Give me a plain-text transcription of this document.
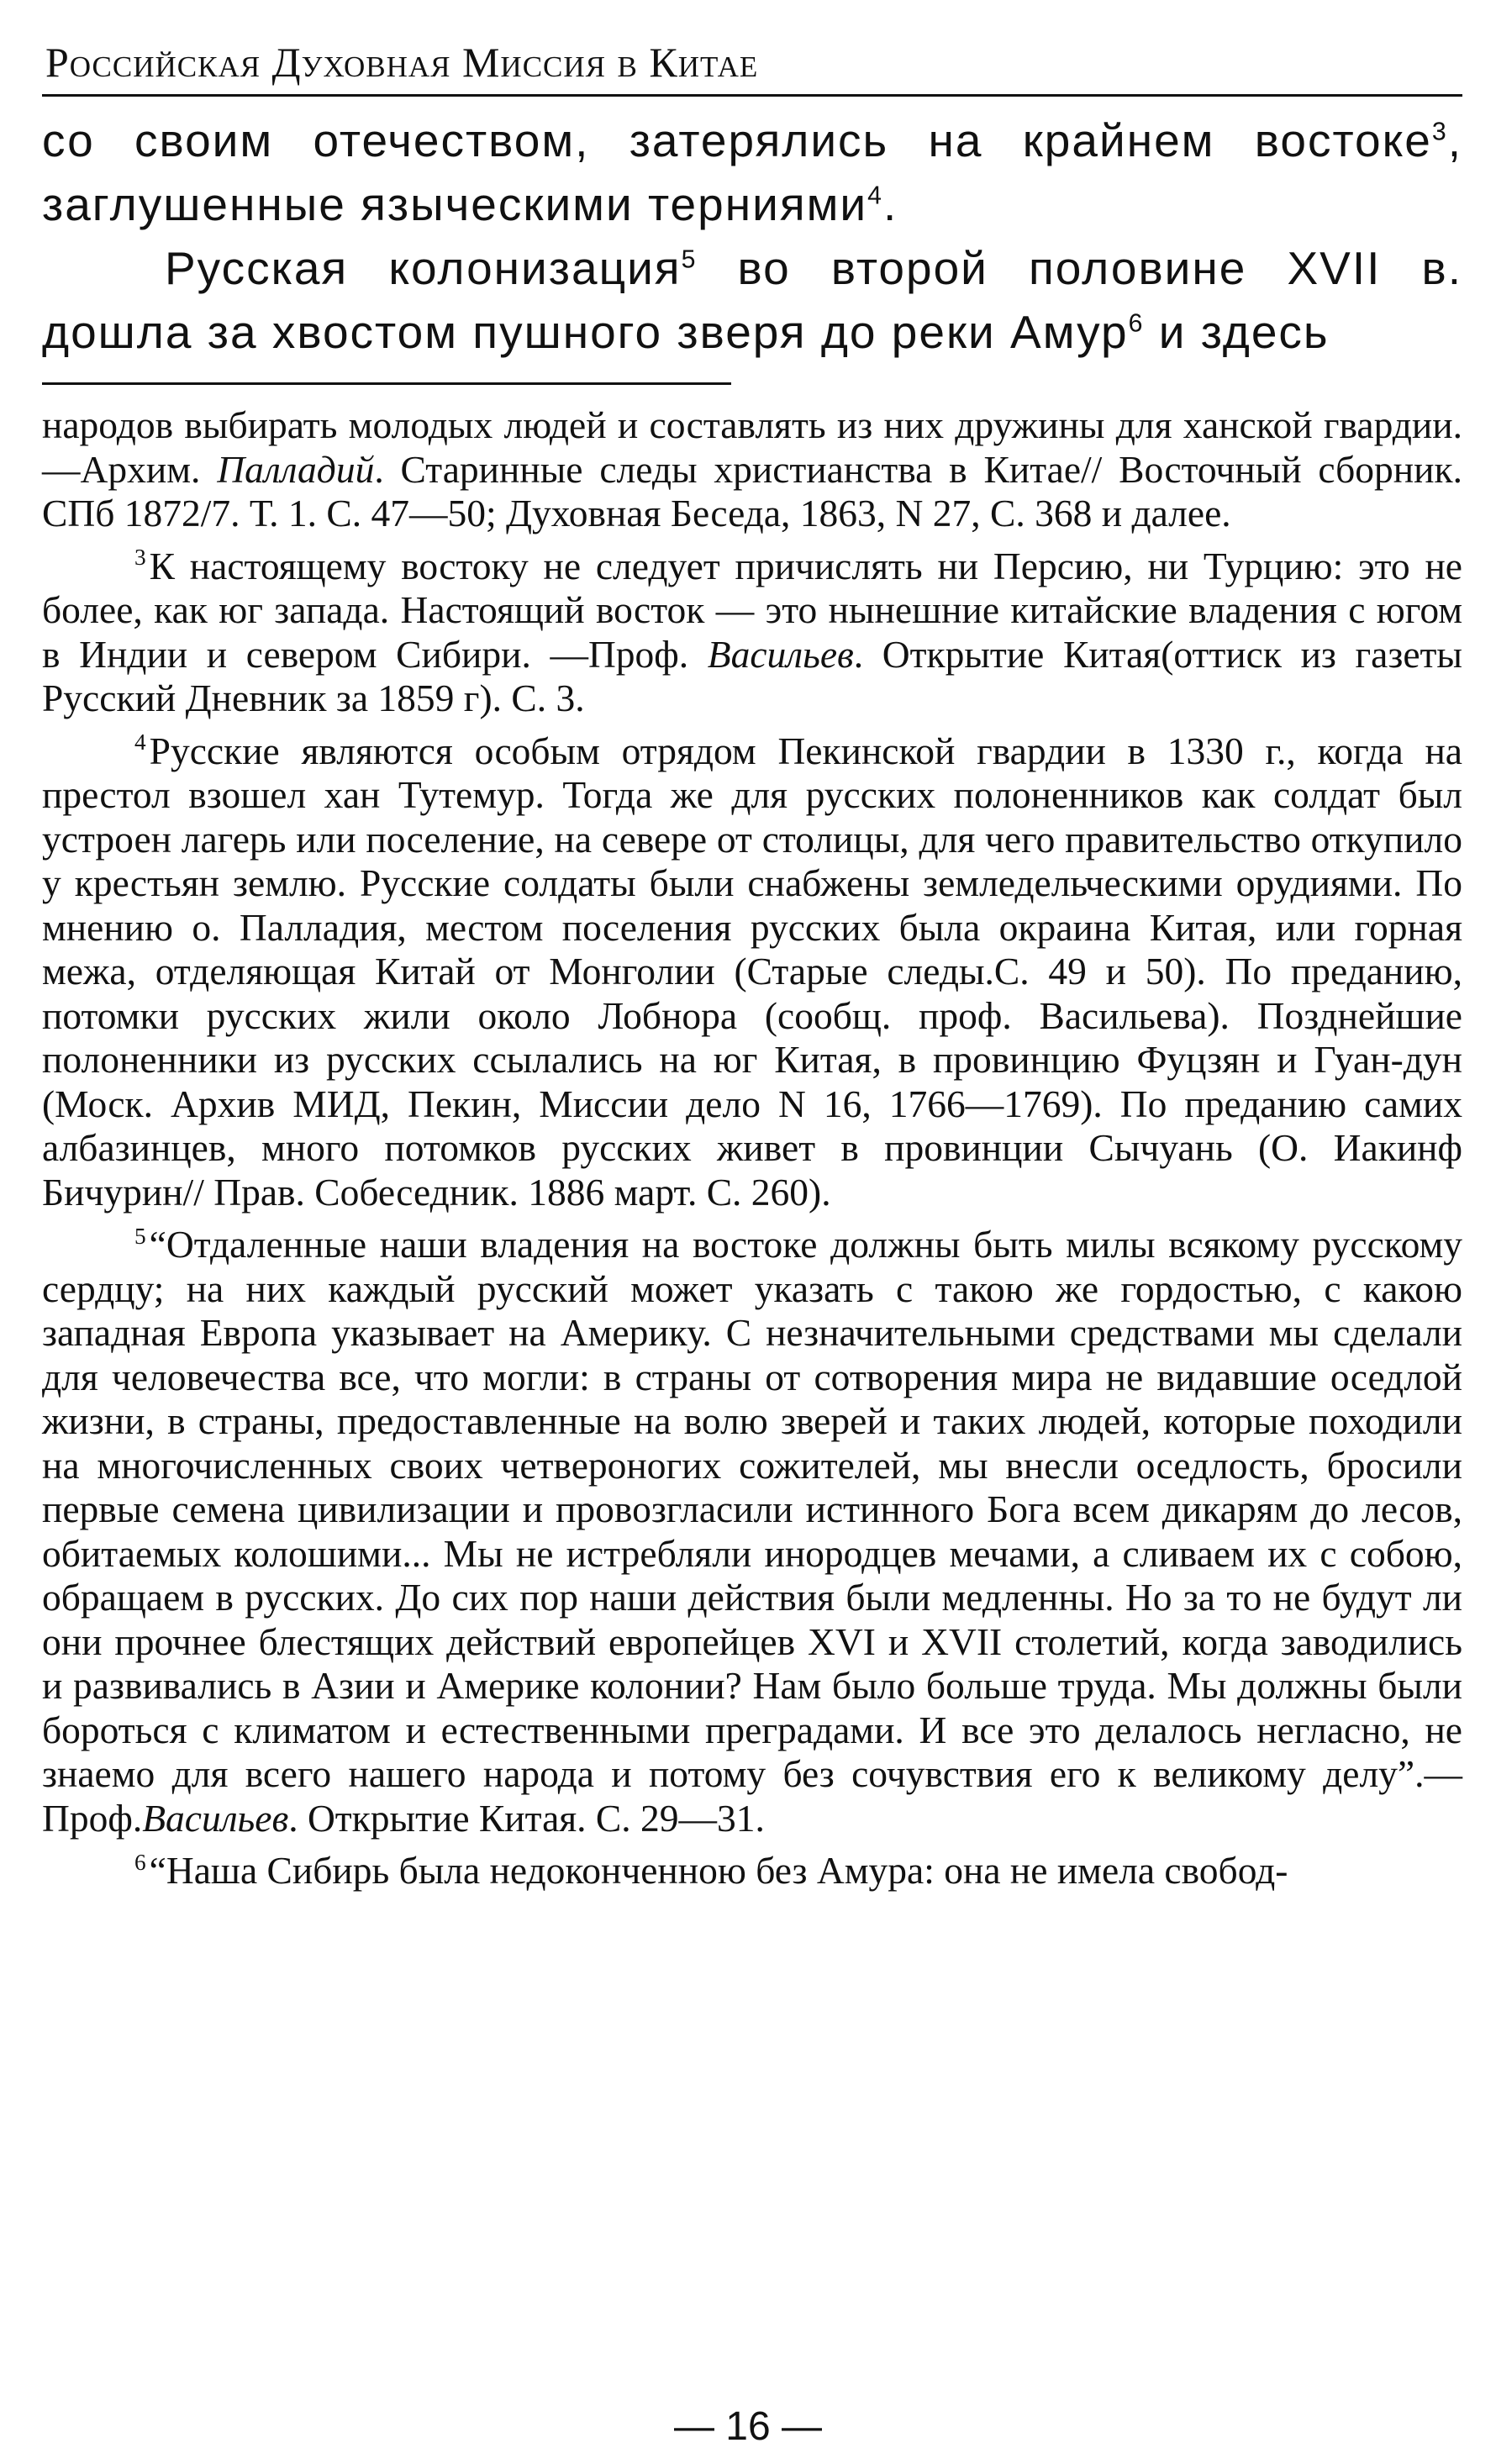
Российская Духовная Миссия в Китае

со своим отечеством, затерялись на крайнем востоке$^3$, заглушенные языческими терниями$^4$.

Русская колонизация$^5$ во второй половине XVII в. дошла за хвостом пушного зверя до реки Амур$^6$ и здесь

народов выбирать молодых людей и составлять из них дружины для ханской гвардии.—Архим. Палладий. Старинные следы христианства в Китае// Восточный сборник. СПб 1872/7. Т. 1. С. 47—50; Духовная Беседа, 1863, N 27, С. 368 и далее.

$^3$К настоящему востоку не следует причислять ни Персию, ни Турцию: это не более, как юг запада. Настоящий восток — это нынешние китайские владения с югом в Индии и севером Сибири. —Проф. Васильев. Открытие Китая(оттиск из газеты Русский Дневник за 1859 г). С. 3.

$^4$Русские являются особым отрядом Пекинской гвардии в 1330 г., когда на престол взошел хан Тутемур. Тогда же для русских полоненников как солдат был устроен лагерь или поселение, на севере от столицы, для чего правительство откупило у крестьян землю. Русские солдаты были снабжены земледельческими орудиями. По мнению о. Палладия, местом поселения русских была окраина Китая, или горная межа, отделяющая Китай от Монголии (Старые следы.С. 49 и 50). По преданию, потомки русских жили около Лобнора (сообщ. проф. Васильева). Позднейшие полоненники из русских ссылались на юг Китая, в провинцию Фуцзян и Гуан-дун (Моск. Архив МИД, Пекин, Миссии дело N 16, 1766—1769). По преданию самих албазинцев, много потомков русских живет в провинции Сычуань (О. Иакинф Бичурин// Прав. Собеседник. 1886 март. С. 260).

$^5$“Отдаленные наши владения на востоке должны быть милы всякому русскому сердцу; на них каждый русский может указать с такою же гордостью, с какою западная Европа указывает на Америку. С незначительными средствами мы сделали для человечества все, что могли: в страны от сотворения мира не видавшие оседлой жизни, в страны, предоставленные на волю зверей и таких людей, которые походили на многочисленных своих четвероногих сожителей, мы внесли оседлость, бросили первые семена цивилизации и провозгласили истинного Бога всем дикарям до лесов, обитаемых колошими... Мы не истребляли инородцев мечами, а сливаем их с собою, обращаем в русских. До сих пор наши действия были медленны. Но за то не будут ли они прочнее блестящих действий европейцев XVI и XVII столетий, когда заводились и развивались в Азии и Америке колонии? Нам было больше труда. Мы должны были бороться с климатом и естественными преградами. И все это делалось негласно, не знаемо для всего нашего народа и потому без сочувствия его к великому делу”.— Проф.Васильев. Открытие Китая. С. 29—31.

$^6$“Наша Сибирь была недоконченною без Амура: она не имела свобод-

— 16 —
